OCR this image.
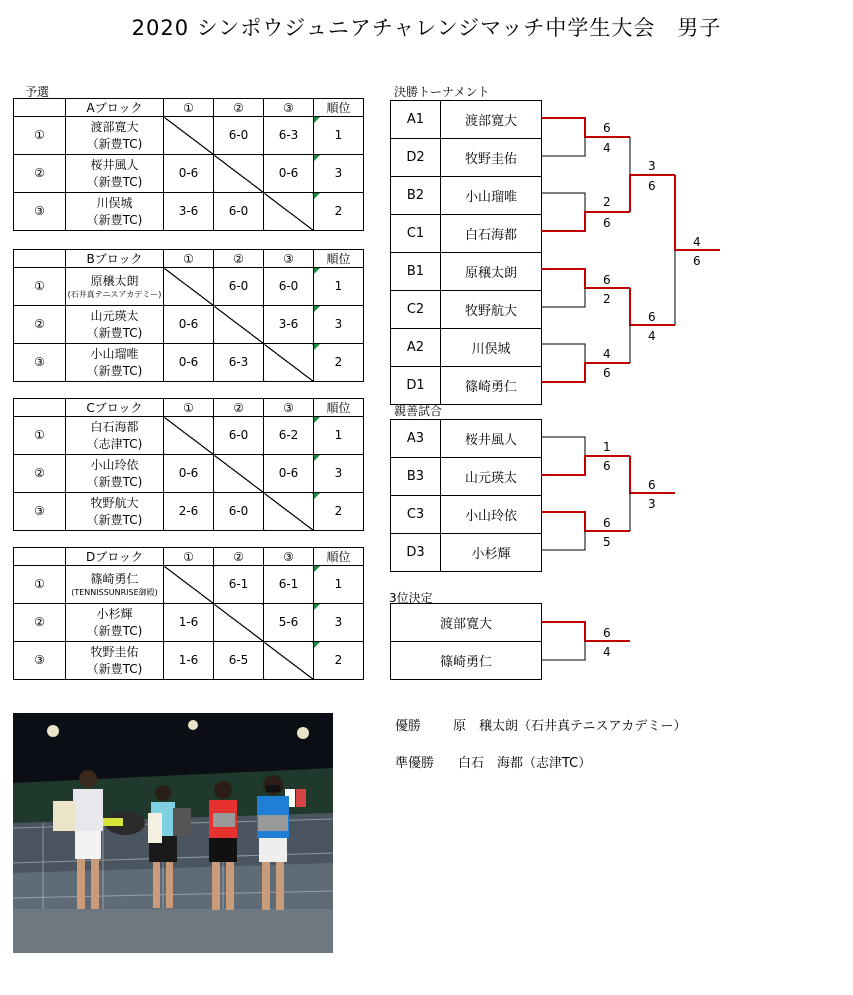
2020 シンポウジュニアチャレンジマッチ中学生大会　男子
予選	決勝トーナメント
親善試合
3位決定
	Aブロック	①	②	③	順位
①	渡部寛大
（新豊TC)		6-0	6-3	1
②	桜井風人
（新豊TC)	0-6		0-6	3
③	川俣城
（新豊TC)	3-6	6-0		2
	Bブロック	①	②	③	順位
①	原穣太朗
(石井真テニスアカデミー)		6-0	6-0	1
②	山元瑛太
（新豊TC)	0-6		3-6	3
③	小山瑠唯
（新豊TC)	0-6	6-3		2
	Cブロック	①	②	③	順位
①	白石海都
（志津TC)		6-0	6-2	1
②	小山玲依
（新豊TC)	0-6		0-6	3
③	牧野航大
（新豊TC)	2-6	6-0		2
	Dブロック	①	②	③	順位
①	篠崎勇仁
(TENNISSUNRISE御殿)		6-1	6-1	1
②	小杉輝
（新豊TC)	1-6		5-6	3
③	牧野圭佑
（新豊TC)	1-6	6-5		2
A1	渡部寛大
D2	牧野圭佑
B2	小山瑠唯
C1	白石海都
B1	原穣太朗
C2	牧野航大
A2	川俣城
D1	篠崎勇仁
A3	桜井風人
B3	山元瑛太
C3	小山玲依
D3	小杉輝
渡部寛大
篠崎勇仁
6
4
2
6
6
2
4
6
3
6
6
4
4
6
1
6
6
5
6
3
6
4
優勝 原　穣太朗（石井真テニスアカデミー）
準優勝 白石　海都（志津TC）
